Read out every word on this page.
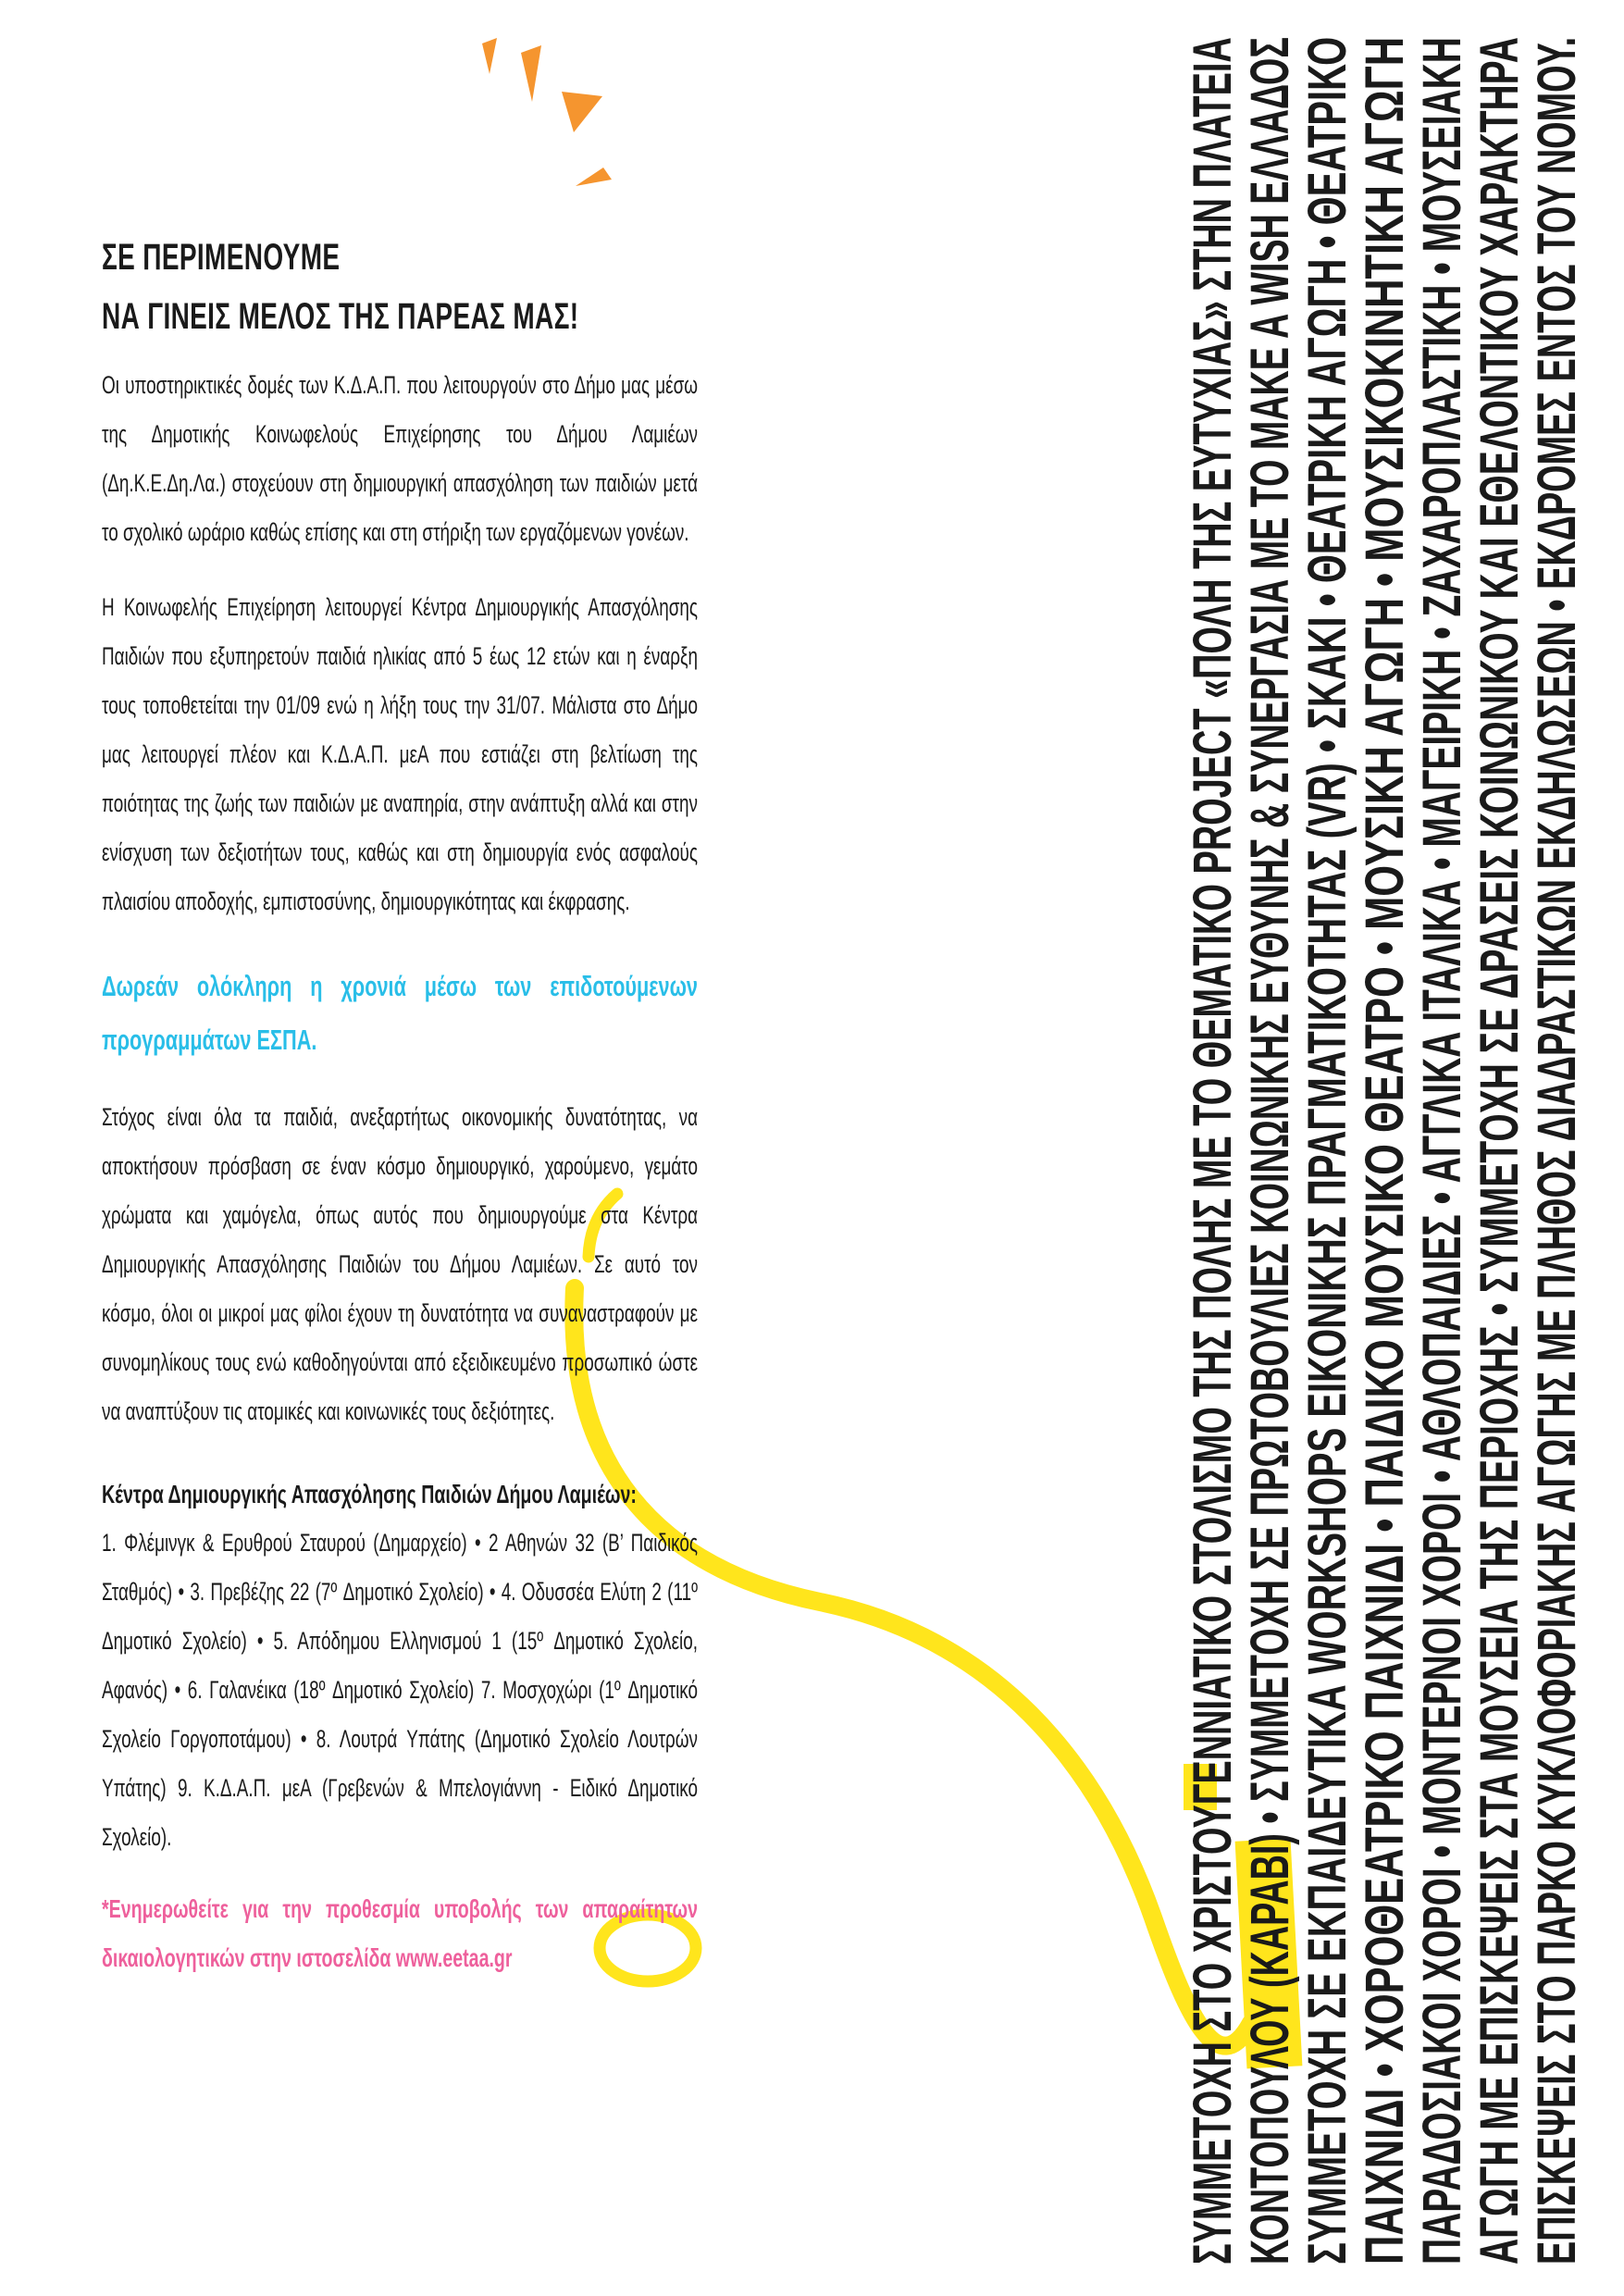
ΣΕ ΠΕΡΙΜΕΝΟΥΜΕ
ΝΑ ΓΙΝΕΙΣ ΜΕΛΟΣ ΤΗΣ ΠΑΡΕΑΣ ΜΑΣ!

Οι υποστηρικτικές δομές των Κ.Δ.Α.Π. που λειτουργούν στο Δήμο μας μέσω της Δημοτικής Κοινωφελούς Επιχείρησης του Δήμου Λαμιέων (Δη.Κ.Ε.Δη.Λα.) στοχεύουν στη δημιουργική απασχόληση των παιδιών μετά το σχολικό ωράριο καθώς επίσης και στη στήριξη των εργαζόμενων γονέων.

Η Κοινωφελής Επιχείρηση λειτουργεί Κέντρα Δημιουργικής Απασχόλησης Παιδιών που εξυπηρετούν παιδιά ηλικίας από 5 έως 12 ετών και η έναρξη τους τοποθετείται την 01/09 ενώ η λήξη τους την 31/07. Μάλιστα στο Δήμο μας λειτουργεί πλέον και Κ.Δ.Α.Π. μεΑ που εστιάζει στη βελτίωση της ποιότητας της ζωής των παιδιών με αναπηρία, στην ανάπτυξη αλλά και στην ενίσχυση των δεξιοτήτων τους, καθώς και στη δημιουργία ενός ασφαλούς πλαισίου αποδοχής, εμπιστοσύνης, δημιουργικότητας και έκφρασης.

Δωρεάν ολόκληρη η χρονιά μέσω των επιδοτούμενων προγραμμάτων ΕΣΠΑ.

Στόχος είναι όλα τα παιδιά, ανεξαρτήτως οικονομικής δυνατότητας, να αποκτήσουν πρόσβαση σε έναν κόσμο δημιουργικό, χαρούμενο, γεμάτο χρώματα και χαμόγελα, όπως αυτός που δημιουργούμε στα Κέντρα Δημιουργικής Απασχόλησης Παιδιών του Δήμου Λαμιέων. Σε αυτό τον κόσμο, όλοι οι μικροί μας φίλοι έχουν τη δυνατότητα να συναναστραφούν με συνομηλίκους τους ενώ καθοδηγούνται από εξειδικευμένο προσωπικό ώστε να αναπτύξουν τις ατομικές και κοινωνικές τους δεξιότητες.

Κέντρα Δημιουργικής Απασχόλησης Παιδιών Δήμου Λαμιέων:

1. Φλέμινγκ & Ερυθρού Σταυρού (Δημαρχείο) • 2 Αθηνών 32 (Β’ Παιδικός Σταθμός) • 3. Πρεβέζης 22 (7º Δημοτικό Σχολείο) • 4. Οδυσσέα Ελύτη 2 (11º Δημοτικό Σχολείο) • 5. Απόδημου Ελληνισμού 1 (15º Δημοτικό Σχολείο, Αφανός) • 6. Γαλανέικα (18º Δημοτικό Σχολείο) 7. Μοσχοχώρι (1º Δημοτικό Σχολείο Γοργοποτάμου) • 8. Λουτρά Υπάτης (Δημοτικό Σχολείο Λουτρών Υπάτης) 9. Κ.Δ.Α.Π. μεΑ (Γρεβενών & Μπελογιάννη - Ειδικό Δημοτικό Σχολείο).

*Ενημερωθείτε για την προθεσμία υποβολής των απαραίτητων δικαιολογητικών στην ιστοσελίδα www.eetaa.gr	ΣΥΜΜΕΤΟΧΗ ΣΤΟ ΧΡΙΣΤΟΥΓΕΝΝΙΑΤΙΚΟ ΣΤΟΛΙΣΜΟ ΤΗΣ ΠΟΛΗΣ ΜΕ ΤΟ ΘΕΜΑΤΙΚΟ PROJECT «ΠΟΛΗ ΤΗΣ ΕΥΤΥΧΙΑΣ» ΣΤΗΝ ΠΛΑΤΕΙΑ
ΚΟΝΤΟΠΟΥΛΟΥ (ΚΑΡΑΒΙ) • ΣΥΜΜΕΤΟΧΗ ΣΕ ΠΡΩΤΟΒΟΥΛΙΕΣ ΚΟΙΝΩΝΙΚΗΣ ΕΥΘΥΝΗΣ & ΣΥΝΕΡΓΑΣΙΑ ΜΕ ΤΟ MAKE A WISH ΕΛΛΑΔΟΣ
ΣΥΜΜΕΤΟΧΗ ΣΕ ΕΚΠΑΙΔΕΥΤΙΚΑ WORKSHOPS ΕΙΚΟΝΙΚΗΣ ΠΡΑΓΜΑΤΙΚΟΤΗΤΑΣ (VR) • ΣΚΑΚΙ • ΘΕΑΤΡΙΚΗ ΑΓΩΓΗ • ΘΕΑΤΡΙΚΟ
ΠΑΙΧΝΙΔΙ • ΧΟΡΟΘΕΑΤΡΙΚΟ ΠΑΙΧΝΙΔΙ • ΠΑΙΔΙΚΟ ΜΟΥΣΙΚΟ ΘΕΑΤΡΟ • ΜΟΥΣΙΚΗ ΑΓΩΓΗ • ΜΟΥΣΙΚΟΚΙΝΗΤΙΚΗ ΑΓΩΓΗ
ΠΑΡΑΔΟΣΙΑΚΟΙ ΧΟΡΟΙ • ΜΟΝΤΕΡΝΟΙ ΧΟΡΟΙ • ΑΘΛΟΠΑΙΔΙΕΣ • ΑΓΓΛΙΚΑ ΙΤΑΛΙΚΑ • ΜΑΓΕΙΡΙΚΗ • ΖΑΧΑΡΟΠΛΑΣΤΙΚΗ • ΜΟΥΣΕΙΑΚΗ
ΑΓΩΓΗ ΜΕ ΕΠΙΣΚΕΨΕΙΣ ΣΤΑ ΜΟΥΣΕΙΑ ΤΗΣ ΠΕΡΙΟΧΗΣ • ΣΥΜΜΕΤΟΧΗ ΣΕ ΔΡΑΣΕΙΣ ΚΟΙΝΩΝΙΚΟΥ ΚΑΙ ΕΘΕΛΟΝΤΙΚΟΥ ΧΑΡΑΚΤΗΡΑ
ΕΠΙΣΚΕΨΕΙΣ ΣΤΟ ΠΑΡΚΟ ΚΥΚΛΟΦΟΡΙΑΚΗΣ ΑΓΩΓΗΣ ΜΕ ΠΛΗΘΟΣ ΔΙΑΔΡΑΣΤΙΚΩΝ ΕΚΔΗΛΩΣΕΩΝ • ΕΚΔΡΟΜΕΣ ΕΝΤΟΣ ΤΟΥ ΝΟΜΟΥ.
